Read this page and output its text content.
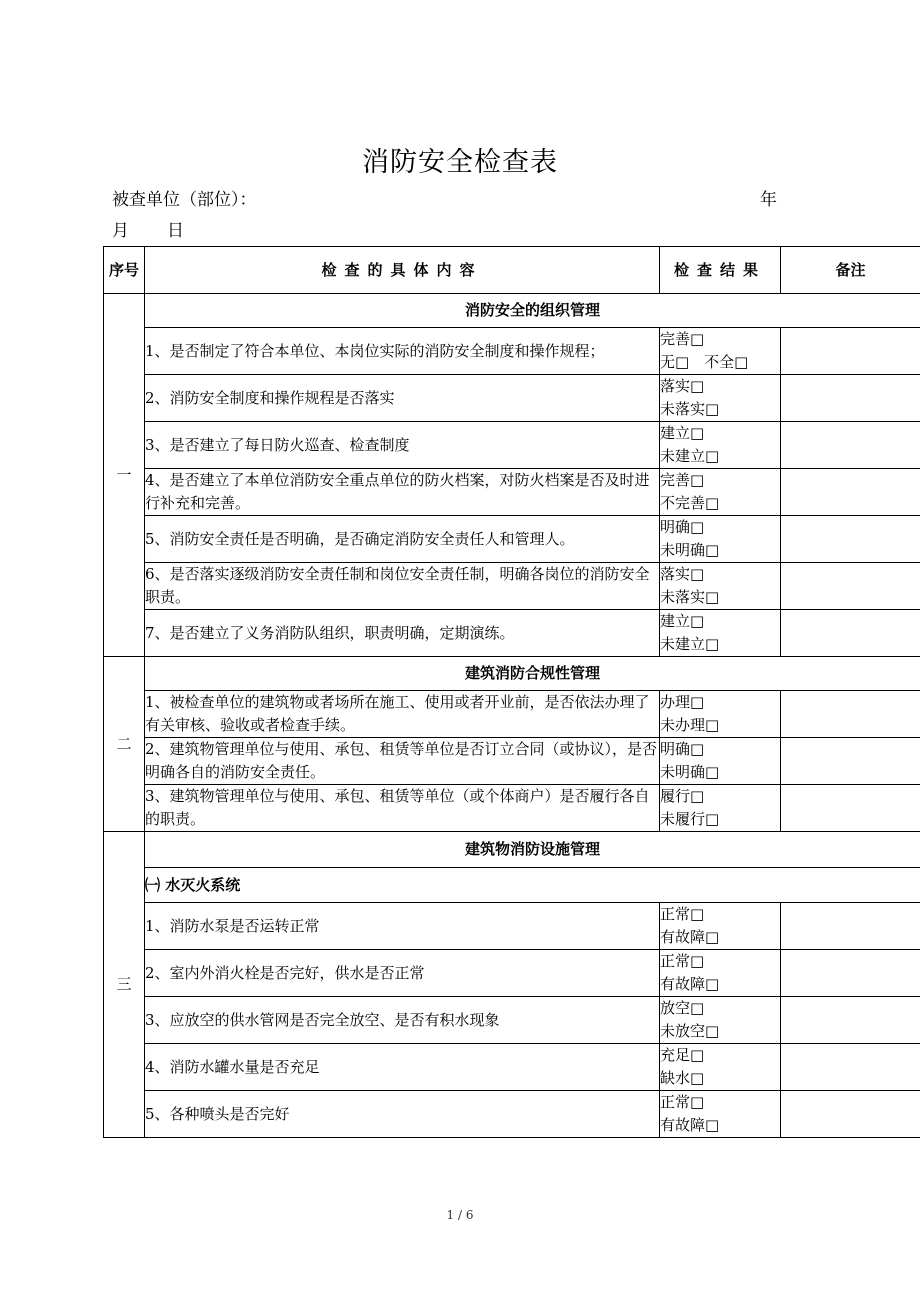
消防安全检查表
被查单位（部位）：	年
月 日
序号	检查的具体内容	检查结果	备注
一	消防安全的组织管理		
	1、是否制定了符合本单位、本岗位实际的消防安全制度和操作规程；	完善□
无□　不全□	

	2、消防安全制度和操作规程是否落实	落实□
未落实□	

	3、是否建立了每日防火巡查、检查制度	建立□
未建立□	

	4、是否建立了本单位消防安全重点单位的防火档案，对防火档案是否及时进行补充和完善。	完善□
不完善□	

	5、消防安全责任是否明确，是否确定消防安全责任人和管理人。	明确□
未明确□	

	6、是否落实逐级消防安全责任制和岗位安全责任制，明确各岗位的消防安全职责。	落实□
未落实□	

	7、是否建立了义务消防队组织，职责明确，定期演练。	建立□
未建立□	

二	建筑消防合规性管理		
	1、被检查单位的建筑物或者场所在施工、使用或者开业前，是否依法办理了有关审核、验收或者检查手续。	办理□
未办理□	

	2、建筑物管理单位与使用、承包、租赁等单位是否订立合同（或协议），是否明确各自的消防安全责任。	明确□
未明确□	

	3、建筑物管理单位与使用、承包、租赁等单位（或个体商户）是否履行各自的职责。	履行□
未履行□	

三	建筑物消防设施管理		
	㈠ 水灭火系统		
	1、消防水泵是否运转正常	正常□
有故障□	

	2、室内外消火栓是否完好，供水是否正常	正常□
有故障□	

	3、应放空的供水管网是否完全放空、是否有积水现象	放空□
未放空□	

	4、消防水罐水量是否充足	充足□
缺水□	

	5、各种喷头是否完好	正常□
有故障□	

1 / 6
